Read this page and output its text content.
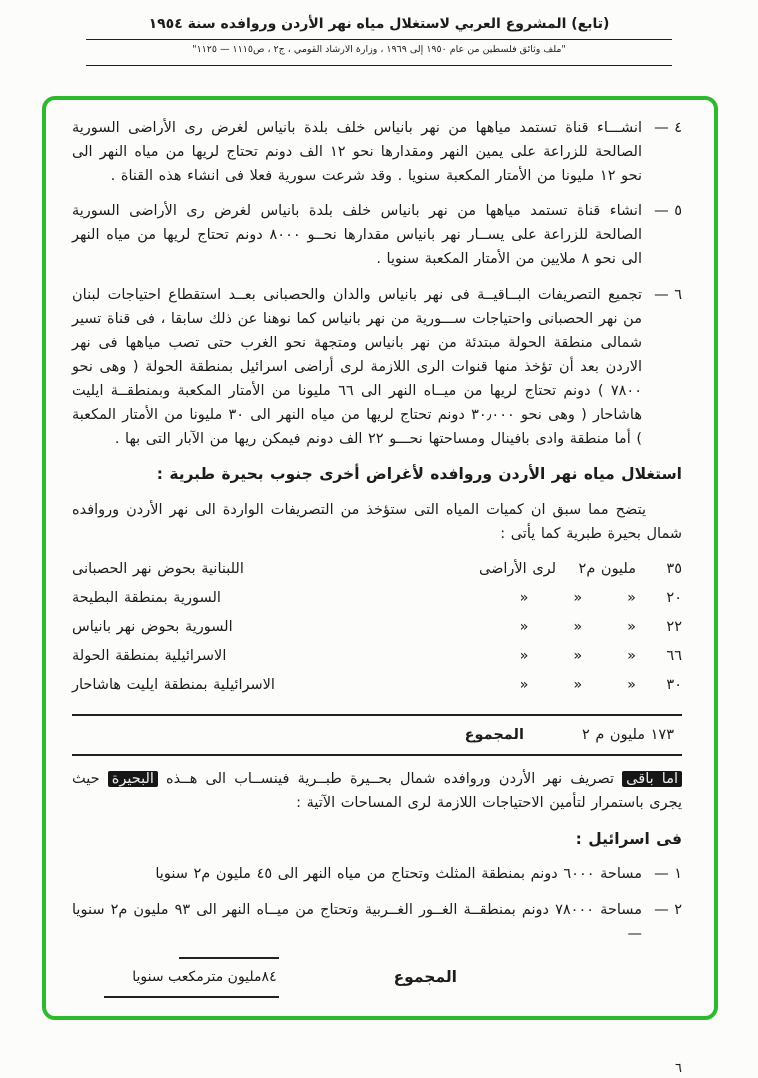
(تابع) المشروع العربي لاستغلال مياه نهر الأردن وروافده سنة ١٩٥٤
"ملف وثائق فلسطين من عام ١٩٥٠ إلى ١٩٦٩ ، وزارة الارشاد القومي ، ج٢ ، ص١١١٥ — ١١٢٥"
٤ —
انشـــاء قناة تستمد مياهها من نهر بانياس خلف بلدة بانياس لغرض رى الأراضى السورية الصالحة للزراعة على يمين النهر ومقدارها نحو ١٢ الف دونم تحتاج لريها من مياه النهر الى نحو ١٢ مليونا من الأمتار المكعبة سنويا . وقد شرعت سورية فعلا فى انشاء هذه القناة .
٥ —
انشاء قناة تستمد مياهها من نهر بانياس خلف بلدة بانياس لغرض رى الأراضى السورية الصالحة للزراعة على يســار نهر بانياس مقدارها نحــو ٨٠٠٠ دونم تحتاج لريها من مياه النهر الى نحو ٨ ملايين من الأمتار المكعبة سنويا .
٦ —
تجميع التصريفات البــاقيــة فى نهر بانياس والدان والحصبانى بعــد استقطاع احتياجات لبنان من نهر الحصبانى واحتياجات ســـورية من نهر بانياس كما نوهنا عن ذلك سابقا ، فى قناة تسير شمالى منطقة الحولة مبتدئة من نهر بانياس ومتجهة نحو الغرب حتى تصب مياهها فى نهر الاردن بعد أن تؤخذ منها قنوات الرى اللازمة لرى أراضى اسرائيل بمنطقة الحولة ( وهى نحو ٧٨٠٠ ) دونم تحتاج لريها من ميــاه النهر الى ٦٦ مليونا من الأمتار المكعبة وبمنطقــة ايليت هاشاحار ( وهى نحو ٣٠٫٠٠٠ دونم تحتاج لريها من مياه النهر الى ٣٠ مليونا من الأمتار المكعبة ) أما منطقة وادى بافينال ومساحتها نحـــو ٢٢ الف دونم فيمكن ريها من الآبار التى بها .
استغلال مياه نهر الأردن وروافده لأغراض أخرى جنوب بحيرة طبرية :
يتضح مما سبق ان كميات المياه التى ستؤخذ من التصريفات الواردة الى نهر الأردن وروافده شمال بحيرة طبرية كما يأتى :
٣٥
مليون م٢    لرى الأراضى
اللبنانية بحوض نهر الحصبانى
٢٠
«        «        «
السورية بمنطقة البطيحة
٢٢
«        «        «
السورية بحوض نهر بانياس
٦٦
«        «        «
الاسرائيلية بمنطقة الحولة
٣٠
«        «        «
الاسرائيلية بمنطقة ايليت هاشاحار
١٧٣ مليون م ٢
المجموع
اما باقى تصريف نهر الأردن وروافده شمال بحــيرة طبــرية فينســاب الى هــذه البحيرة حيث يجرى باستمرار لتأمين الاحتياجات اللازمة لرى المساحات الآتية :
فى اسرائيل :
١ —
مساحة ٦٠٠٠ دونم بمنطقة المثلث وتحتاج من مياه النهر الى ٤٥ مليون م٢ سنويا
٢ —
مساحة ٧٨٠٠٠ دونم بمنطقــة الغــور الغــربية وتحتاج من ميــاه النهر الى ٩٣ مليون م٢ سنويا —
المجموع
٨٤مليون مترمكعب سنويا
٦
